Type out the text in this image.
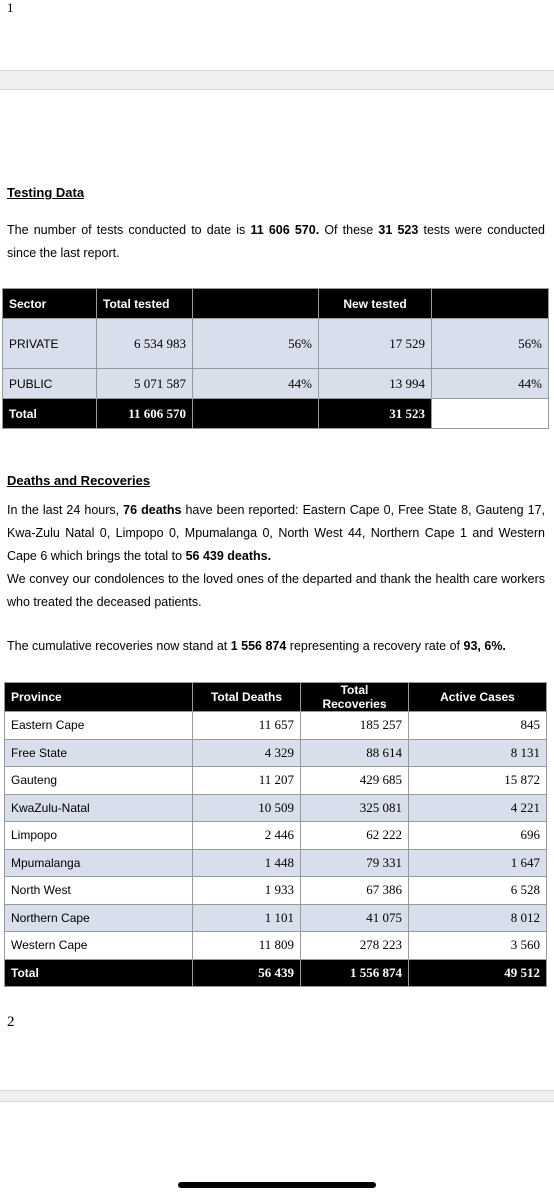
1
Testing Data
The number of tests conducted to date is 11 606 570. Of these 31 523 tests were conducted since the last report.
Sector	Total tested		New tested	
PRIVATE	6 534 983	56%	17 529	56%
PUBLIC	5 071 587	44%	13 994	44%
Total	11 606 570		31 523	
Deaths and Recoveries
In the last 24 hours, 76 deaths have been reported: Eastern Cape 0, Free State 8, Gauteng 17, Kwa-Zulu Natal 0, Limpopo 0, Mpumalanga 0, North West 44, Northern Cape 1 and Western Cape 6 which brings the total to 56 439 deaths.
We convey our condolences to the loved ones of the departed and thank the health care workers who treated the deceased patients.
The cumulative recoveries now stand at 1 556 874 representing a recovery rate of 93, 6%.
Province	Total Deaths	Total Recoveries	Active Cases
Eastern Cape	11 657	185 257	845
Free State	4 329	88 614	8 131
Gauteng	11 207	429 685	15 872
KwaZulu-Natal	10 509	325 081	4 221
Limpopo	2 446	62 222	696
Mpumalanga	1 448	79 331	1 647
North West	1 933	67 386	6 528
Northern Cape	1 101	41 075	8 012
Western Cape	11 809	278 223	3 560
Total	56 439	1 556 874	49 512
2
